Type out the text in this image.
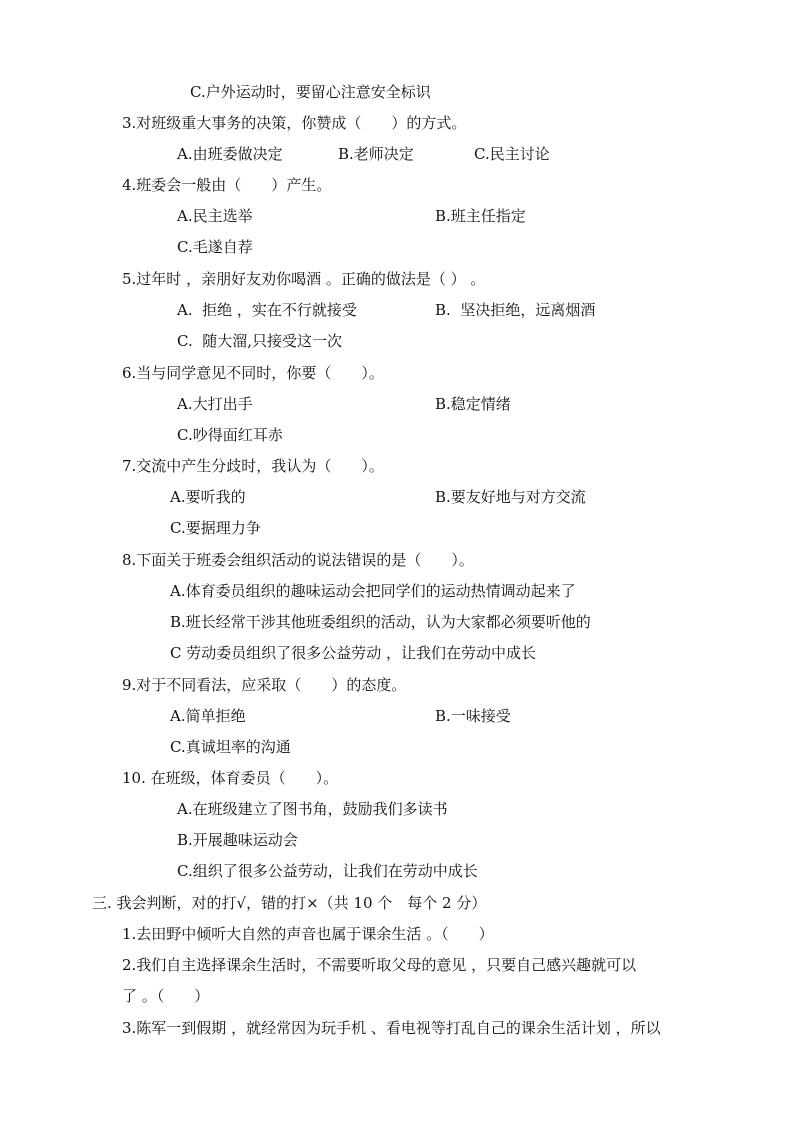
C.户外运动时，要留心注意安全标识
3.对班级重大事务的决策，你赞成（　　）的方式。
A.由班委做决定	B.老师决定	C.民主讨论
4.班委会一般由（　　）产生。
A.民主选举	B.班主任指定
C.毛遂自荐
5.过年时 ，亲朋好友劝你喝酒 。正确的做法是（ ） 。
A.  拒绝 ，实在不行就接受	B.  坚决拒绝，远离烟酒
C.  随大溜,只接受这一次
6.当与同学意见不同时，你要（　　）。
A.大打出手	B.稳定情绪
C.吵得面红耳赤
7.交流中产生分歧时，我认为（　　）。
A.要听我的	B.要友好地与对方交流
C.要据理力争
8.下面关于班委会组织活动的说法错误的是（　　）。
A.体育委员组织的趣味运动会把同学们的运动热情调动起来了
B.班长经常干涉其他班委组织的活动，认为大家都必须要听他的
C 劳动委员组织了很多公益劳动 ，让我们在劳动中成长
9.对于不同看法，应采取（　　）的态度。
A.简单拒绝	B.一味接受
C.真诚坦率的沟通
10. 在班级，体育委员（　　）。
A.在班级建立了图书角，鼓励我们多读书
B.开展趣味运动会
C.组织了很多公益劳动，让我们在劳动中成长
三. 我会判断，对的打√，错的打×（共 10 个　每个 2 分）
1.去田野中倾听大自然的声音也属于课余生活 。（　　）
2.我们自主选择课余生活时，不需要听取父母的意见 ，只要自己感兴趣就可以
了 。（　　）
3.陈军一到假期 ，就经常因为玩手机 、看电视等打乱自己的课余生活计划 ，所以
